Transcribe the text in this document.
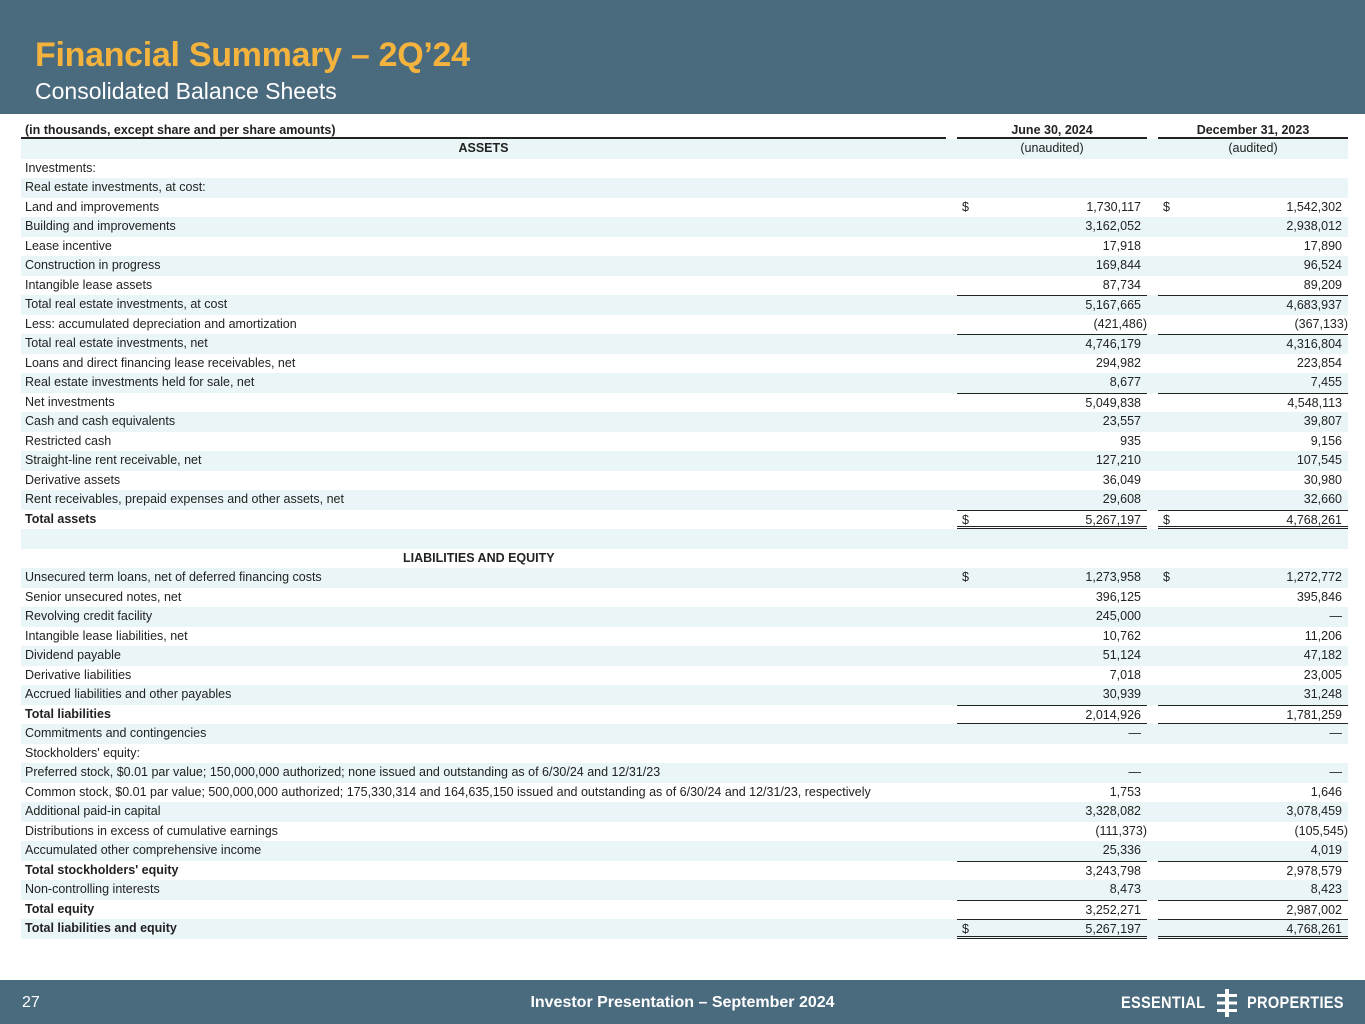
Financial Summary – 2Q’24
Consolidated Balance Sheets
(in thousands, except share and per share amounts)	June 30, 2024	December 31, 2023
ASSETS	(unaudited)	(audited)
Investments:
Real estate investments, at cost:
Land and improvements	$	1,730,117 $	1,542,302
Building and improvements	3,162,052	2,938,012
Lease incentive	17,918	17,890
Construction in progress	169,844	96,524
Intangible lease assets	87,734	89,209
Total real estate investments, at cost	5,167,665	4,683,937
Less: accumulated depreciation and amortization	(421,486)	(367,133)
Total real estate investments, net	4,746,179	4,316,804
Loans and direct financing lease receivables, net	294,982	223,854
Real estate investments held for sale, net	8,677	7,455
Net investments	5,049,838	4,548,113
Cash and cash equivalents	23,557	39,807
Restricted cash	935	9,156
Straight-line rent receivable, net	127,210	107,545
Derivative assets	36,049	30,980
Rent receivables, prepaid expenses and other assets, net	29,608	32,660
Total assets	$	5,267,197 $	4,768,261
LIABILITIES AND EQUITY
Unsecured term loans, net of deferred financing costs	$	1,273,958 $	1,272,772
Senior unsecured notes, net	396,125	395,846
Revolving credit facility	245,000	—
Intangible lease liabilities, net	10,762	11,206
Dividend payable	51,124	47,182
Derivative liabilities	7,018	23,005
Accrued liabilities and other payables	30,939	31,248
Total liabilities	2,014,926	1,781,259
Commitments and contingencies	—	—
Stockholders' equity:
Preferred stock, $0.01 par value; 150,000,000 authorized; none issued and outstanding as of 6/30/24 and 12/31/23	—	—
Common stock, $0.01 par value; 500,000,000 authorized; 175,330,314 and 164,635,150 issued and outstanding as of 6/30/24 and 12/31/23, respectively	1,753	1,646
Additional paid-in capital	3,328,082	3,078,459
Distributions in excess of cumulative earnings	(111,373)	(105,545)
Accumulated other comprehensive income	25,336	4,019
Total stockholders' equity	3,243,798	2,978,579
Non-controlling interests	8,473	8,423
Total equity	3,252,271	2,987,002
Total liabilities and equity	$	5,267,197	4,768,261
27	Investor Presentation – September 2024	ESSENTIAL PROPERTIES
